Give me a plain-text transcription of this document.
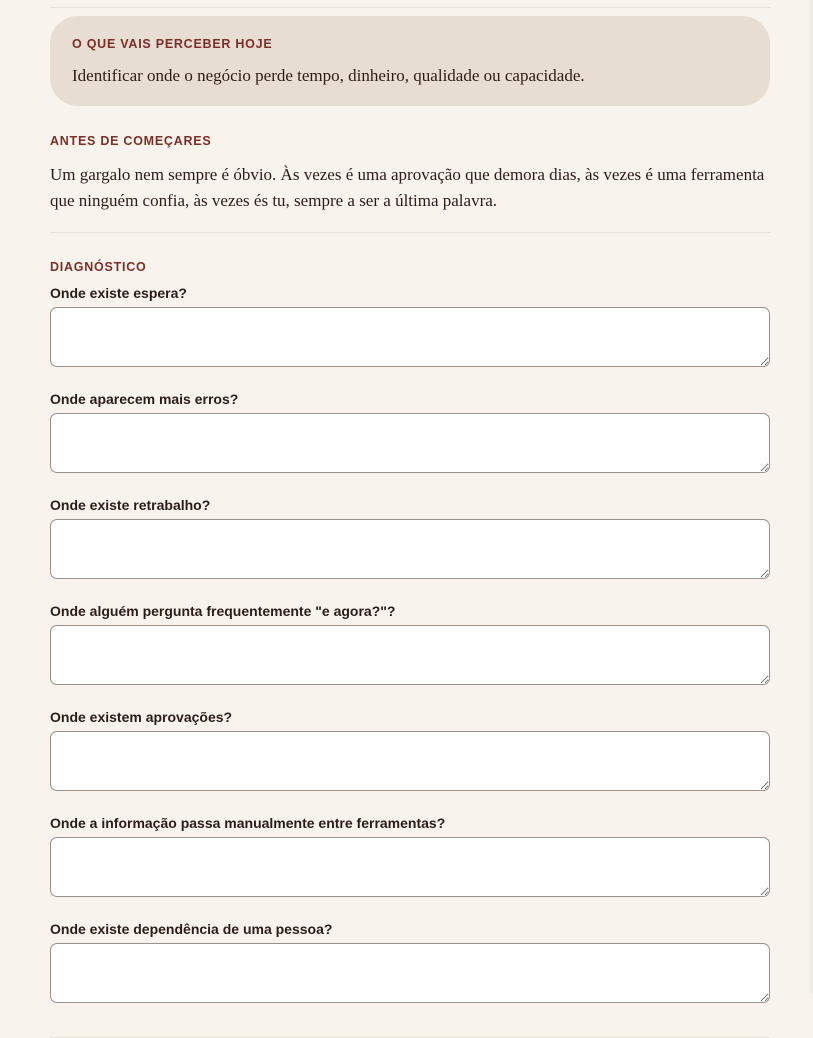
O QUE VAIS PERCEBER HOJE
Identificar onde o negócio perde tempo, dinheiro, qualidade ou capacidade.
ANTES DE COMEÇARES
Um gargalo nem sempre é óbvio. Às vezes é uma aprovação que demora dias, às vezes é uma ferramenta que ninguém confia, às vezes és tu, sempre a ser a última palavra.
DIAGNÓSTICO
Onde existe espera?
Onde aparecem mais erros?
Onde existe retrabalho?
Onde alguém pergunta frequentemente "e agora?"?
Onde existem aprovações?
Onde a informação passa manualmente entre ferramentas?
Onde existe dependência de uma pessoa?
